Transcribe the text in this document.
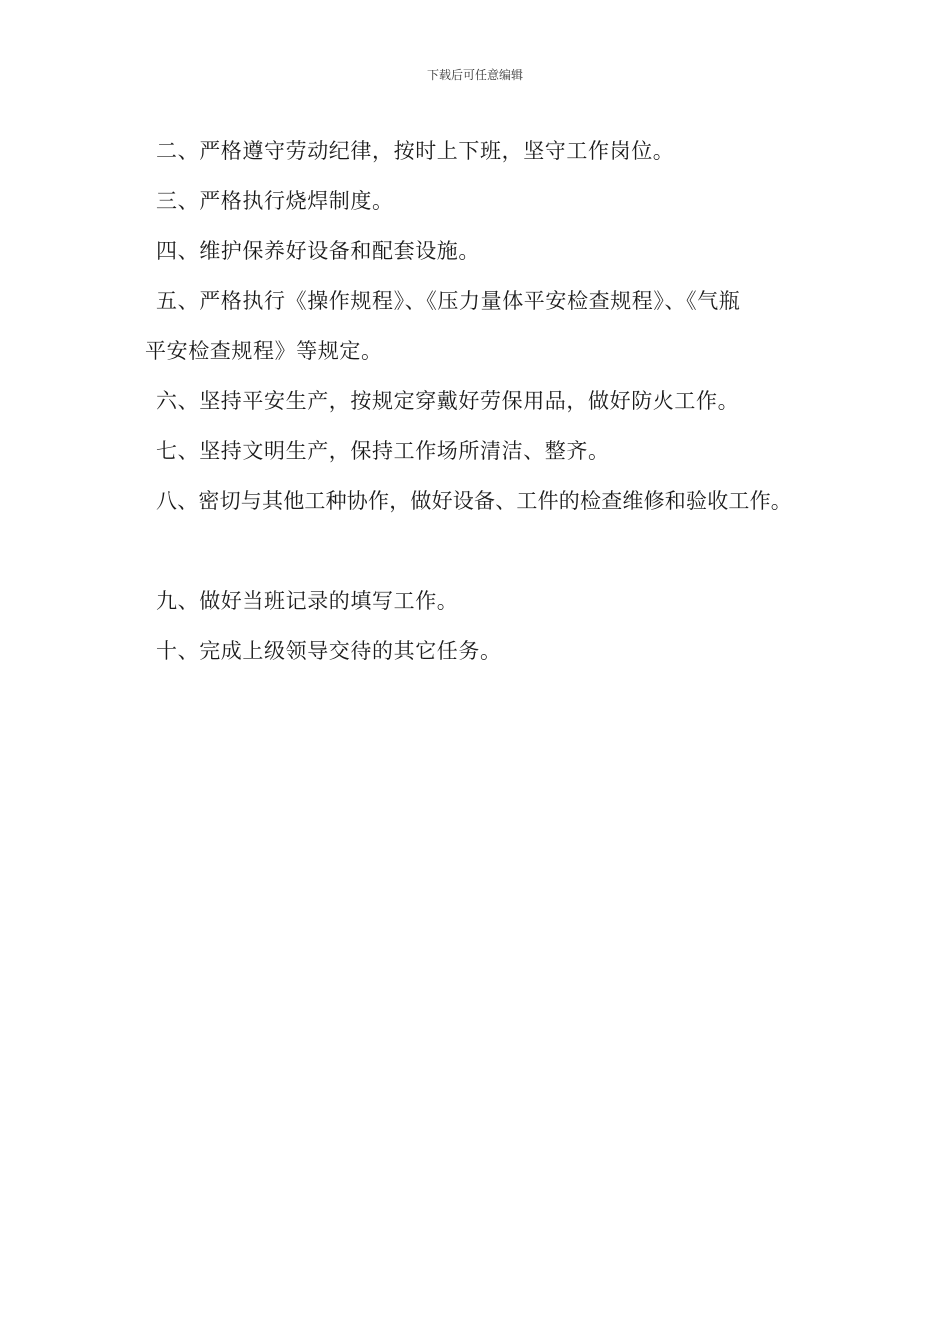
下载后可任意编辑
二、严格遵守劳动纪律，按时上下班，坚守工作岗位。
三、严格执行烧焊制度。
四、维护保养好设备和配套设施。
五、严格执行《操作规程》、《压力量体平安检查规程》、《气瓶
平安检查规程》等规定。
六、坚持平安生产，按规定穿戴好劳保用品，做好防火工作。
七、坚持文明生产，保持工作场所清洁、整齐。
八、密切与其他工种协作，做好设备、工件的检查维修和验收工作。
九、做好当班记录的填写工作。
十、完成上级领导交待的其它任务。
